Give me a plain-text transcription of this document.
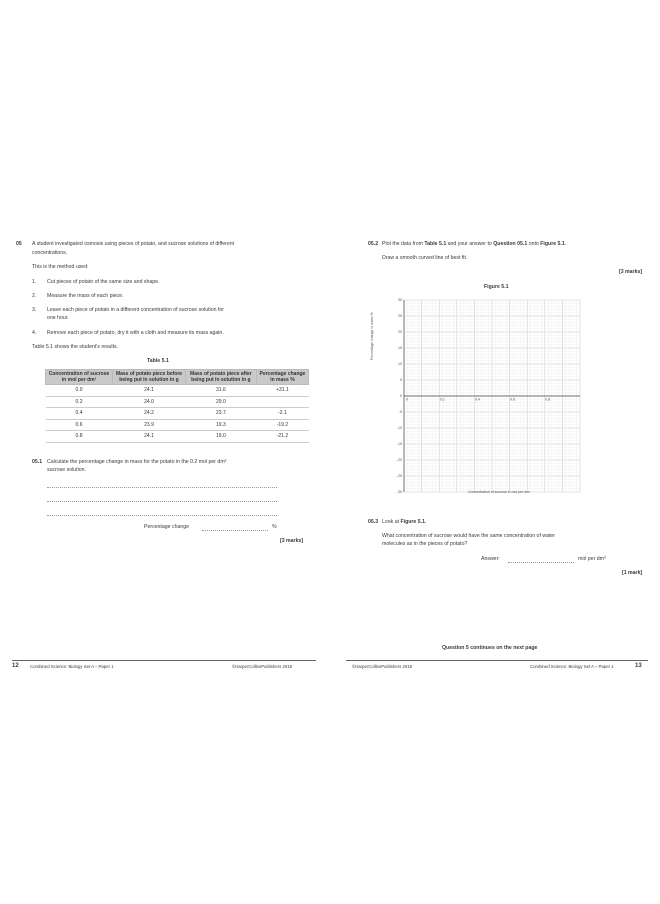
05 A student investigated osmosis using pieces of potato, and sucrose solutions of different
concentrations.
This is the method used:
1. Cut pieces of potato of the same size and shape.
2. Measure the mass of each piece.
3. Leave each piece of potato in a different concentration of sucrose solution for
one hour.
4. Remove each piece of potato, dry it with a cloth and measure its mass again.
Table 5.1 shows the student's results.
Table 5.1
Concentration of sucrose in mol per dm³	Mass of potato piece before being put in solution in g	Mass of potato piece after being put in solution in g	Percentage change in mass %
0.0	24.1	31.6	+31.1
0.2	24.0	29.0	
0.4	24.2	23.7	-2.1
0.6	23.9	19.3	-19.2
0.8	24.1	19.0	-21.2
05.1 Calculate the percentage change in mass for the potato in the 0.2 mol per dm³
sucrose solution.
Percentage change	%
[3 marks]
12	Combined Science: Biology Set A – Paper 1	©HarperCollinsPublishers 2018
05.2 Plot the data from Table 5.1 and your answer to Question 05.1 onto Figure 5.1.
Draw a smooth curved line of best fit.
[3 marks]
Figure 5.1
30
25
20
15
10
5
0
-5
-10
-15
-20
-25
-30
0	0.2	0.4	0.6	0.8
Percentage change in mass %
Concentration of sucrose in mol per dm³
05.3 Look at Figure 5.1.
What concentration of sucrose would have the same concentration of water
molecules as in the pieces of potato?
Answer:	mol per dm³
[1 mark]
Question 5 continues on the next page
©HarperCollinsPublishers 2018	Combined Science: Biology Set A – Paper 1	13
